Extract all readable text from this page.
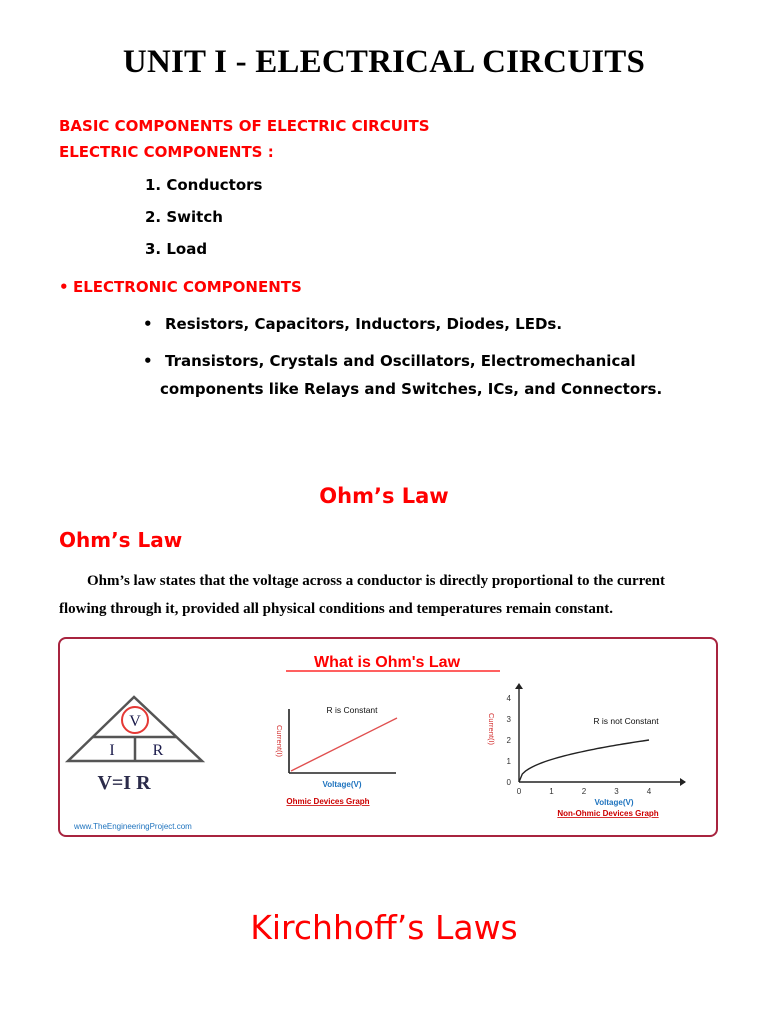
UNIT I - ELECTRICAL CIRCUITS
BASIC COMPONENTS OF ELECTRIC CIRCUITS
ELECTRIC COMPONENTS :
1. Conductors
2. Switch
3. Load
• ELECTRONIC COMPONENTS
• Resistors, Capacitors, Inductors, Diodes, LEDs.
• Transistors, Crystals and Oscillators, Electromechanical
components like Relays and Switches, ICs, and Connectors.
Ohm’s Law
Ohm’s Law
Ohm’s law states that the voltage across a conductor is directly proportional to the current
flowing through it, provided all physical conditions and temperatures remain constant.
What is Ohm's Law
V
I R
V=I R
R is Constant
Current(I)
Voltage(V)
Ohmic Devices Graph
0	1	2	3	4
0
1
2
3
4
R is not Constant
Current(I)
Voltage(V)
Non-Ohmic Devices Graph
www.TheEngineeringProject.com
Kirchhoff’s Laws
